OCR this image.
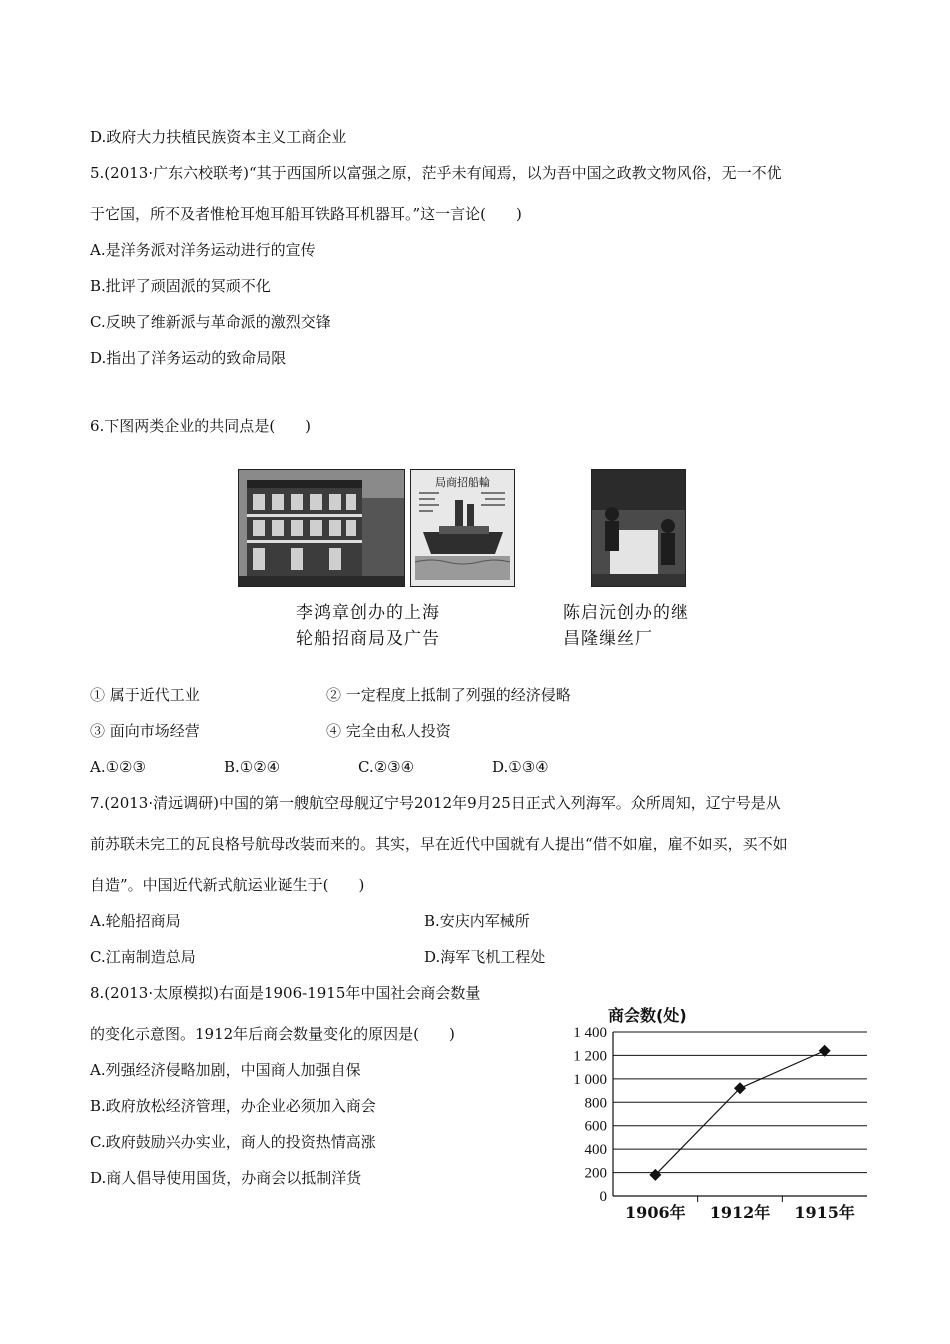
D.政府大力扶植民族资本主义工商企业
5.(2013·广东六校联考)“其于西国所以富强之原，茫乎未有闻焉，以为吾中国之政教文物风俗，无一不优
于它国，所不及者惟枪耳炮耳船耳铁路耳机器耳。”这一言论(　　)
A.是洋务派对洋务运动进行的宣传
B.批评了顽固派的冥顽不化
C.反映了维新派与革命派的激烈交锋
D.指出了洋务运动的致命局限
6.下图两类企业的共同点是(　　)
局商招船輪
李鸿章创办的上海
轮船招商局及广告
陈启沅创办的继
昌隆缫丝厂
① 属于近代工业	② 一定程度上抵制了列强的经济侵略
③ 面向市场经营	④ 完全由私人投资
A.①②③	B.①②④	C.②③④	D.①③④
7.(2013·清远调研)中国的第一艘航空母舰辽宁号2012年9月25日正式入列海军。众所周知，辽宁号是从
前苏联未完工的瓦良格号航母改装而来的。其实，早在近代中国就有人提出“借不如雇，雇不如买，买不如
自造”。中国近代新式航运业诞生于(　　)
A.轮船招商局	B.安庆内军械所
C.江南制造总局	D.海军飞机工程处
8.(2013·太原模拟)右面是1906-1915年中国社会商会数量
的变化示意图。1912年后商会数量变化的原因是(　　)
A.列强经济侵略加剧，中国商人加强自保
B.政府放松经济管理，办企业必须加入商会
C.政府鼓励兴办实业，商人的投资热情高涨
D.商人倡导使用国货，办商会以抵制洋货
商会数(处)
0
200
400
600
800
1 000
1 200
1 400
1906年 1912年 1915年
